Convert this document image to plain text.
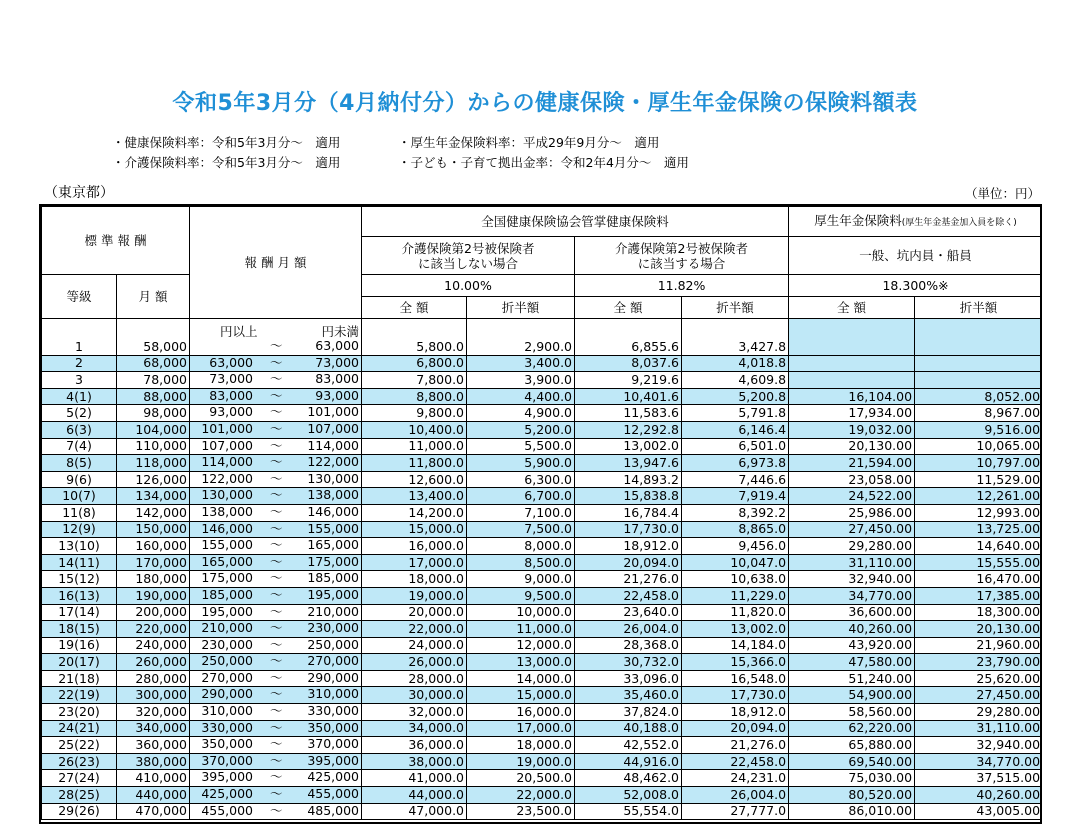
令和5年3月分（4月納付分）からの健康保険・厚生年金保険の保険料額表
・健康保険料率：令和5年3月分～　適用
・介護保険料率：令和5年3月分～　適用
・厚生年金保険料率：平成29年9月分～　適用
・子ども・子育て拠出金率：令和2年4月分～　適用
（東京都）	（単位：円）
標 準 報 酬		報 酬 月 額	全国健康保険協会管掌健康保険料				厚生年金保険料(厚生年金基金加入員を除く)	
			介護保険第2号被保険者
に該当しない場合		介護保険第2号被保険者
に該当する場合		一般、坑内員・船員	
等級	月 額		10.00%		11.82%		18.300%※	
			全 額	折半額	全 額	折半額	全 額	折半額

		円以上 円未満						

1	58,000	～ 63,000	5,800.0	2,900.0	6,855.6	3,427.8		
2	68,000	63,000 ～ 73,000	6,800.0	3,400.0	8,037.6	4,018.8		
3	78,000	73,000 ～ 83,000	7,800.0	3,900.0	9,219.6	4,609.8		
4(1)	88,000	83,000 ～ 93,000	8,800.0	4,400.0	10,401.6	5,200.8	16,104.00	8,052.00
5(2)	98,000	93,000 ～ 101,000	9,800.0	4,900.0	11,583.6	5,791.8	17,934.00	8,967.00
6(3)	104,000	101,000 ～ 107,000	10,400.0	5,200.0	12,292.8	6,146.4	19,032.00	9,516.00
7(4)	110,000	107,000 ～ 114,000	11,000.0	5,500.0	13,002.0	6,501.0	20,130.00	10,065.00
8(5)	118,000	114,000 ～ 122,000	11,800.0	5,900.0	13,947.6	6,973.8	21,594.00	10,797.00
9(6)	126,000	122,000 ～ 130,000	12,600.0	6,300.0	14,893.2	7,446.6	23,058.00	11,529.00
10(7)	134,000	130,000 ～ 138,000	13,400.0	6,700.0	15,838.8	7,919.4	24,522.00	12,261.00
11(8)	142,000	138,000 ～ 146,000	14,200.0	7,100.0	16,784.4	8,392.2	25,986.00	12,993.00
12(9)	150,000	146,000 ～ 155,000	15,000.0	7,500.0	17,730.0	8,865.0	27,450.00	13,725.00
13(10)	160,000	155,000 ～ 165,000	16,000.0	8,000.0	18,912.0	9,456.0	29,280.00	14,640.00
14(11)	170,000	165,000 ～ 175,000	17,000.0	8,500.0	20,094.0	10,047.0	31,110.00	15,555.00
15(12)	180,000	175,000 ～ 185,000	18,000.0	9,000.0	21,276.0	10,638.0	32,940.00	16,470.00
16(13)	190,000	185,000 ～ 195,000	19,000.0	9,500.0	22,458.0	11,229.0	34,770.00	17,385.00
17(14)	200,000	195,000 ～ 210,000	20,000.0	10,000.0	23,640.0	11,820.0	36,600.00	18,300.00
18(15)	220,000	210,000 ～ 230,000	22,000.0	11,000.0	26,004.0	13,002.0	40,260.00	20,130.00
19(16)	240,000	230,000 ～ 250,000	24,000.0	12,000.0	28,368.0	14,184.0	43,920.00	21,960.00
20(17)	260,000	250,000 ～ 270,000	26,000.0	13,000.0	30,732.0	15,366.0	47,580.00	23,790.00
21(18)	280,000	270,000 ～ 290,000	28,000.0	14,000.0	33,096.0	16,548.0	51,240.00	25,620.00
22(19)	300,000	290,000 ～ 310,000	30,000.0	15,000.0	35,460.0	17,730.0	54,900.00	27,450.00
23(20)	320,000	310,000 ～ 330,000	32,000.0	16,000.0	37,824.0	18,912.0	58,560.00	29,280.00
24(21)	340,000	330,000 ～ 350,000	34,000.0	17,000.0	40,188.0	20,094.0	62,220.00	31,110.00
25(22)	360,000	350,000 ～ 370,000	36,000.0	18,000.0	42,552.0	21,276.0	65,880.00	32,940.00
26(23)	380,000	370,000 ～ 395,000	38,000.0	19,000.0	44,916.0	22,458.0	69,540.00	34,770.00
27(24)	410,000	395,000 ～ 425,000	41,000.0	20,500.0	48,462.0	24,231.0	75,030.00	37,515.00
28(25)	440,000	425,000 ～ 455,000	44,000.0	22,000.0	52,008.0	26,004.0	80,520.00	40,260.00
29(26)	470,000	455,000 ～ 485,000	47,000.0	23,500.0	55,554.0	27,777.0	86,010.00	43,005.00
